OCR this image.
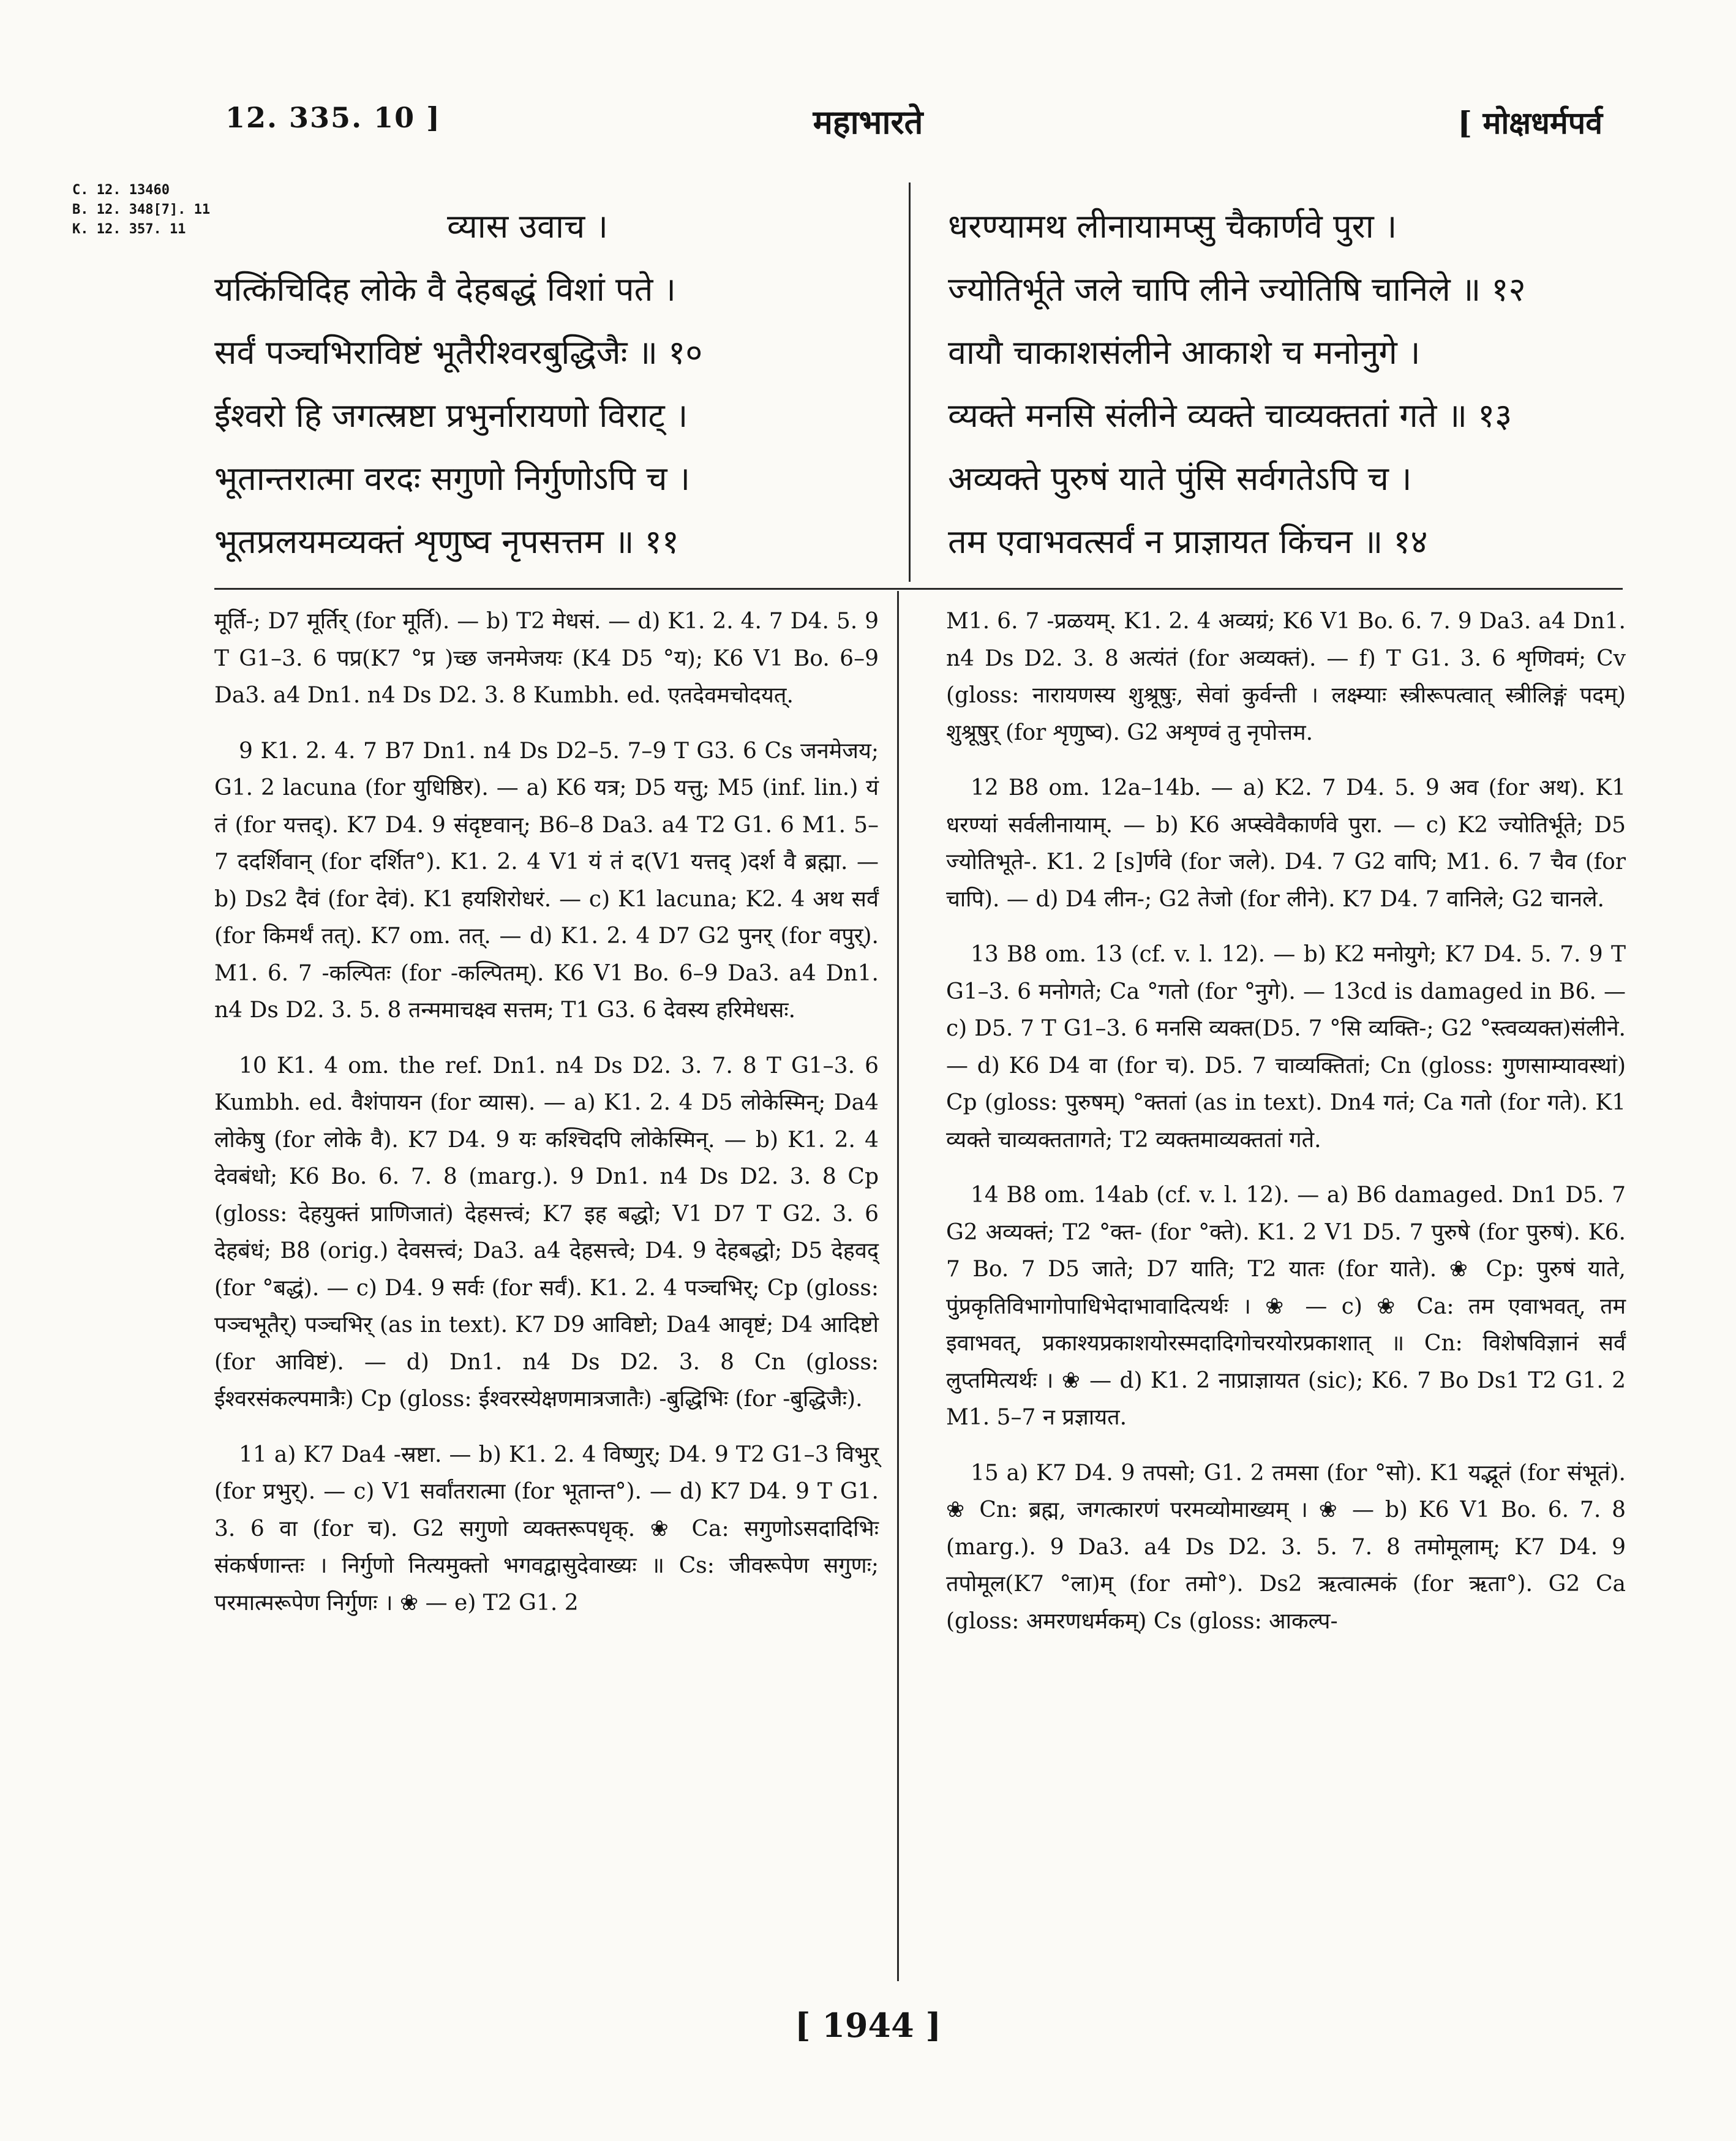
12. 335. 10 ]	महाभारते	[ मोक्षधर्मपर्व
C. 12. 13460
B. 12. 348[7]. 11
K. 12. 357. 11	व्यास उवाच ।
यत्किंचिदिह लोके वै देहबद्धं विशां पते ।
सर्वं पञ्चभिराविष्टं भूतैरीश्वरबुद्धिजैः ॥ १०
ईश्वरो हि जगत्स्रष्टा प्रभुर्नारायणो विराट् ।
भूतान्तरात्मा वरदः सगुणो निर्गुणोऽपि च ।
भूतप्रलयमव्यक्तं शृणुष्व नृपसत्तम ॥ ११
धरण्यामथ लीनायामप्सु चैकार्णवे पुरा ।
ज्योतिर्भूते जले चापि लीने ज्योतिषि चानिले ॥ १२
वायौ चाकाशसंलीने आकाशे च मनोनुगे ।
व्यक्ते मनसि संलीने व्यक्ते चाव्यक्ततां गते ॥ १३
अव्यक्ते पुरुषं याते पुंसि सर्वगतेऽपि च ।
तम एवाभवत्सर्वं न प्राज्ञायत किंचन ॥ १४

मूर्ति-; D7 मूर्तिर् (for मूर्ति). — b) T2 मेधसं. — d) K1. 2. 4. 7 D4. 5. 9 T G1–3. 6 पप्र(K7 °प्र )च्छ जनमेजयः (K4 D5 °य); K6 V1 Bo. 6–9 Da3. a4 Dn1. n4 Ds D2. 3. 8 Kumbh. ed. एतदेवमचोदयत्.

9 K1. 2. 4. 7 B7 Dn1. n4 Ds D2–5. 7–9 T G3. 6 Cs जनमेजय; G1. 2 lacuna (for युधिष्ठिर). — a) K6 यत्र; D5 यत्तु; M5 (inf. lin.) यं तं (for यत्तद्). K7 D4. 9 संदृष्टवान्; B6–8 Da3. a4 T2 G1. 6 M1. 5–7 ददर्शिवान् (for दर्शित°). K1. 2. 4 V1 यं तं द(V1 यत्तद् )दर्श वै ब्रह्मा. — b) Ds2 दैवं (for देवं). K1 हयशिरोधरं. — c) K1 lacuna; K2. 4 अथ सर्वं (for किमर्थं तत्). K7 om. तत्. — d) K1. 2. 4 D7 G2 पुनर् (for वपुर्). M1. 6. 7 -कल्पितः (for -कल्पितम्). K6 V1 Bo. 6–9 Da3. a4 Dn1. n4 Ds D2. 3. 5. 8 तन्ममाचक्ष्व सत्तम; T1 G3. 6 देवस्य हरिमेधसः.

10 K1. 4 om. the ref. Dn1. n4 Ds D2. 3. 7. 8 T G1–3. 6 Kumbh. ed. वैशंपायन (for व्यास). — a) K1. 2. 4 D5 लोकेस्मिन्; Da4 लोकेषु (for लोके वै). K7 D4. 9 यः कश्चिदपि लोकेस्मिन्. — b) K1. 2. 4 देवबंधो; K6 Bo. 6. 7. 8 (marg.). 9 Dn1. n4 Ds D2. 3. 8 Cp (gloss: देहयुक्तं प्राणिजातं) देहसत्त्वं; K7 इह बद्धो; V1 D7 T G2. 3. 6 देहबंधं; B8 (orig.) देवसत्त्वं; Da3. a4 देहसत्त्वे; D4. 9 देहबद्धो; D5 देहवद् (for °बद्धं). — c) D4. 9 सर्वः (for सर्वं). K1. 2. 4 पञ्चभिर्; Cp (gloss: पञ्चभूतैर्) पञ्चभिर् (as in text). K7 D9 आविष्टो; Da4 आवृष्टं; D4 आदिष्टो (for आविष्टं). — d) Dn1. n4 Ds D2. 3. 8 Cn (gloss: ईश्वरसंकल्पमात्रैः) Cp (gloss: ईश्वरस्येक्षणमात्रजातैः) -बुद्धिभिः (for -बुद्धिजैः).

11 a) K7 Da4 -स्रष्टा. — b) K1. 2. 4 विष्णुर्; D4. 9 T2 G1–3 विभुर् (for प्रभुर्). — c) V1 सर्वांतरात्मा (for भूतान्त°). — d) K7 D4. 9 T G1. 3. 6 वा (for च). G2 सगुणो व्यक्तरूपधृक्. ❀ Ca: सगुणोऽसदादिभिः संकर्षणान्तः । निर्गुणो नित्यमुक्तो भगवद्वासुदेवाख्यः ॥ Cs: जीवरूपेण सगुणः; परमात्मरूपेण निर्गुणः । ❀ — e) T2 G1. 2

M1. 6. 7 -प्रळयम्. K1. 2. 4 अव्यग्रं; K6 V1 Bo. 6. 7. 9 Da3. a4 Dn1. n4 Ds D2. 3. 8 अत्यंतं (for अव्यक्तं). — f) T G1. 3. 6 शृणिवमं; Cv (gloss: नारायणस्य शुश्रूषुः, सेवां कुर्वन्ती । लक्ष्म्याः स्त्रीरूपत्वात् स्त्रीलिङ्गं पदम्) शुश्रूषुर् (for शृणुष्व). G2 अशृण्वं तु नृपोत्तम.

12 B8 om. 12a–14b. — a) K2. 7 D4. 5. 9 अव (for अथ). K1 धरण्यां सर्वलीनायाम्. — b) K6 अप्स्वेवैकार्णवे पुरा. — c) K2 ज्योतिर्भूते; D5 ज्योतिभूते-. K1. 2 [s]र्णवे (for जले). D4. 7 G2 वापि; M1. 6. 7 चैव (for चापि). — d) D4 लीन-; G2 तेजो (for लीने). K7 D4. 7 वानिले; G2 चानले.

13 B8 om. 13 (cf. v. l. 12). — b) K2 मनोयुगे; K7 D4. 5. 7. 9 T G1–3. 6 मनोगते; Ca °गतो (for °नुगे). — 13cd is damaged in B6. — c) D5. 7 T G1–3. 6 मनसि व्यक्त(D5. 7 °सि व्यक्ति-; G2 °स्त्वव्यक्त)संलीने. — d) K6 D4 वा (for च). D5. 7 चाव्यक्तितां; Cn (gloss: गुणसाम्यावस्थां) Cp (gloss: पुरुषम्) °क्ततां (as in text). Dn4 गतं; Ca गतो (for गते). K1 व्यक्ते चाव्यक्ततागते; T2 व्यक्तमाव्यक्ततां गते.

14 B8 om. 14ab (cf. v. l. 12). — a) B6 damaged. Dn1 D5. 7 G2 अव्यक्तं; T2 °क्त- (for °क्ते). K1. 2 V1 D5. 7 पुरुषे (for पुरुषं). K6. 7 Bo. 7 D5 जाते; D7 याति; T2 यातः (for याते). ❀ Cp: पुरुषं याते, पुंप्रकृतिविभागोपाधिभेदाभावादित्यर्थः । ❀ — c) ❀ Ca: तम एवाभवत्, तम इवाभवत्, प्रकाश्यप्रकाशयोरस्मदादिगोचरयोरप्रकाशात् ॥ Cn: विशेषविज्ञानं सर्वं लुप्तमित्यर्थः । ❀ — d) K1. 2 नाप्राज्ञायत (sic); K6. 7 Bo Ds1 T2 G1. 2 M1. 5–7 न प्रज्ञायत.

15 a) K7 D4. 9 तपसो; G1. 2 तमसा (for °सो). K1 यद्भूतं (for संभूतं). ❀ Cn: ब्रह्म, जगत्कारणं परमव्योमाख्यम् । ❀ — b) K6 V1 Bo. 6. 7. 8 (marg.). 9 Da3. a4 Ds D2. 3. 5. 7. 8 तमोमूलाम्; K7 D4. 9 तपोमूल(K7 °ला)म् (for तमो°). Ds2 ऋत्वात्मकं (for ऋता°). G2 Ca (gloss: अमरणधर्मकम्) Cs (gloss: आकल्प-

[ 1944 ]
